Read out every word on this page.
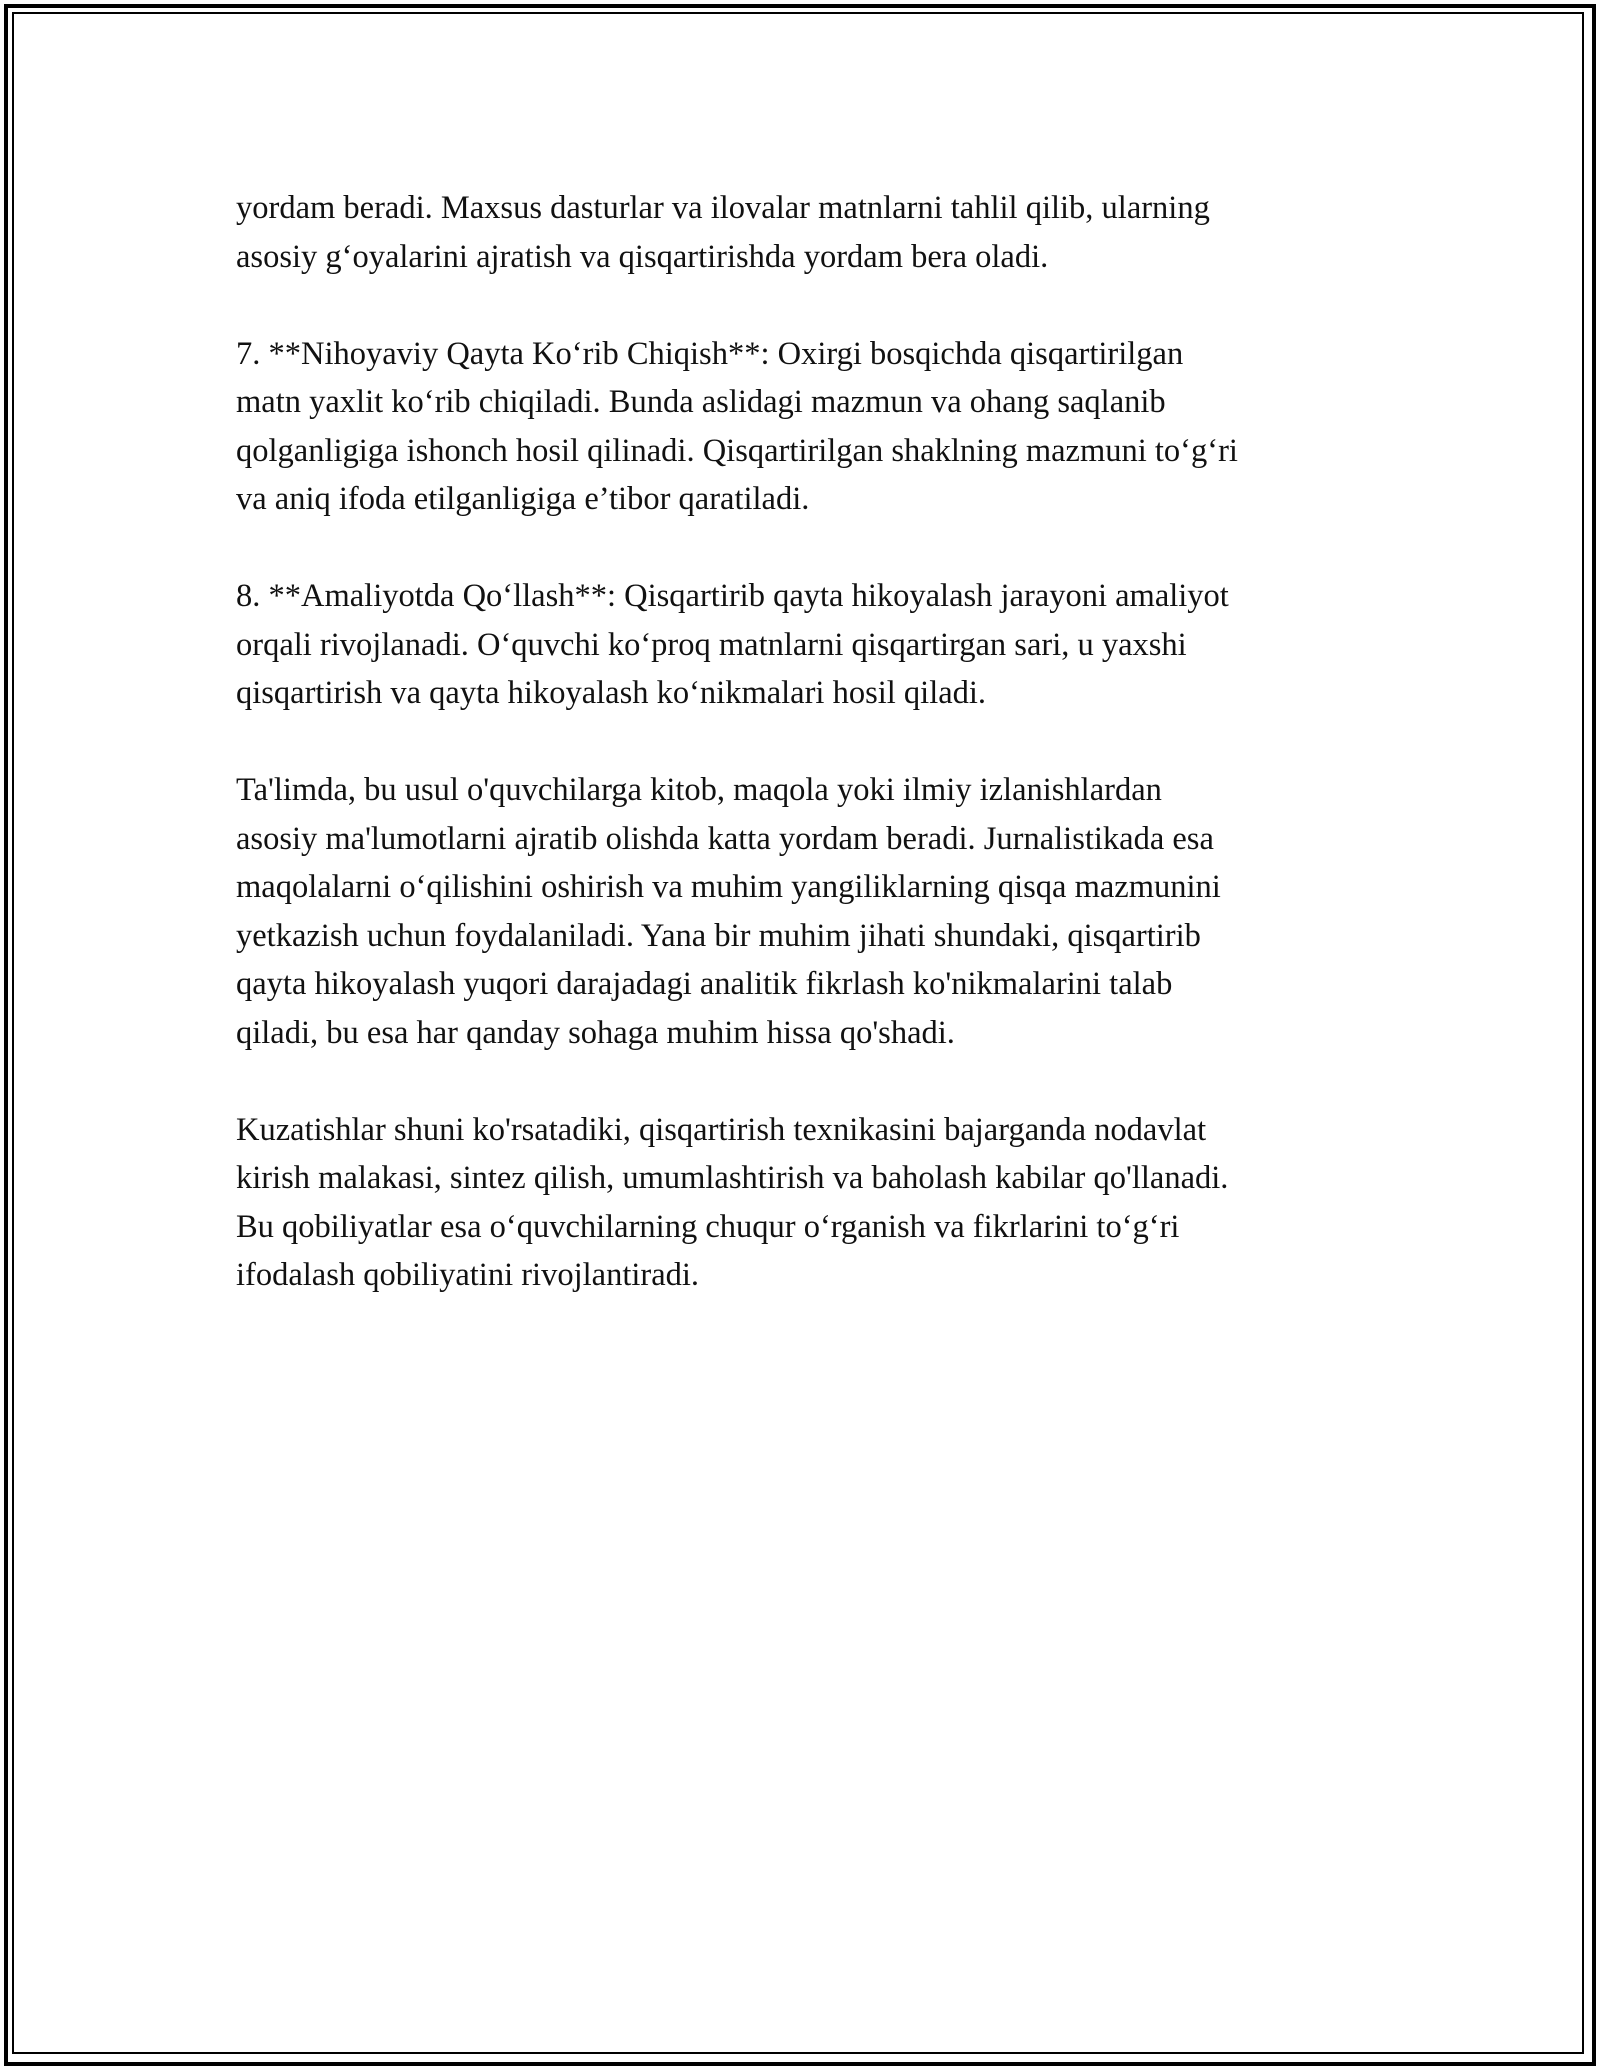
yordam beradi. Maxsus dasturlar va ilovalar matnlarni tahlil qilib, ularning
asosiy g‘oyalarini ajratish va qisqartirishda yordam bera oladi.

7. **Nihoyaviy Qayta Ko‘rib Chiqish**: Oxirgi bosqichda qisqartirilgan
matn yaxlit ko‘rib chiqiladi. Bunda aslidagi mazmun va ohang saqlanib
qolganligiga ishonch hosil qilinadi. Qisqartirilgan shaklning mazmuni to‘g‘ri
va aniq ifoda etilganligiga e’tibor qaratiladi.

8. **Amaliyotda Qo‘llash**: Qisqartirib qayta hikoyalash jarayoni amaliyot
orqali rivojlanadi. O‘quvchi ko‘proq matnlarni qisqartirgan sari, u yaxshi
qisqartirish va qayta hikoyalash ko‘nikmalari hosil qiladi.

Ta'limda, bu usul o'quvchilarga kitob, maqola yoki ilmiy izlanishlardan
asosiy ma'lumotlarni ajratib olishda katta yordam beradi. Jurnalistikada esa
maqolalarni o‘qilishini oshirish va muhim yangiliklarning qisqa mazmunini
yetkazish uchun foydalaniladi. Yana bir muhim jihati shundaki, qisqartirib
qayta hikoyalash yuqori darajadagi analitik fikrlash ko'nikmalarini talab
qiladi, bu esa har qanday sohaga muhim hissa qo'shadi.

Kuzatishlar shuni ko'rsatadiki, qisqartirish texnikasini bajarganda nodavlat
kirish malakasi, sintez qilish, umumlashtirish va baholash kabilar qo'llanadi.
Bu qobiliyatlar esa o‘quvchilarning chuqur o‘rganish va fikrlarini to‘g‘ri
ifodalash qobiliyatini rivojlantiradi.
